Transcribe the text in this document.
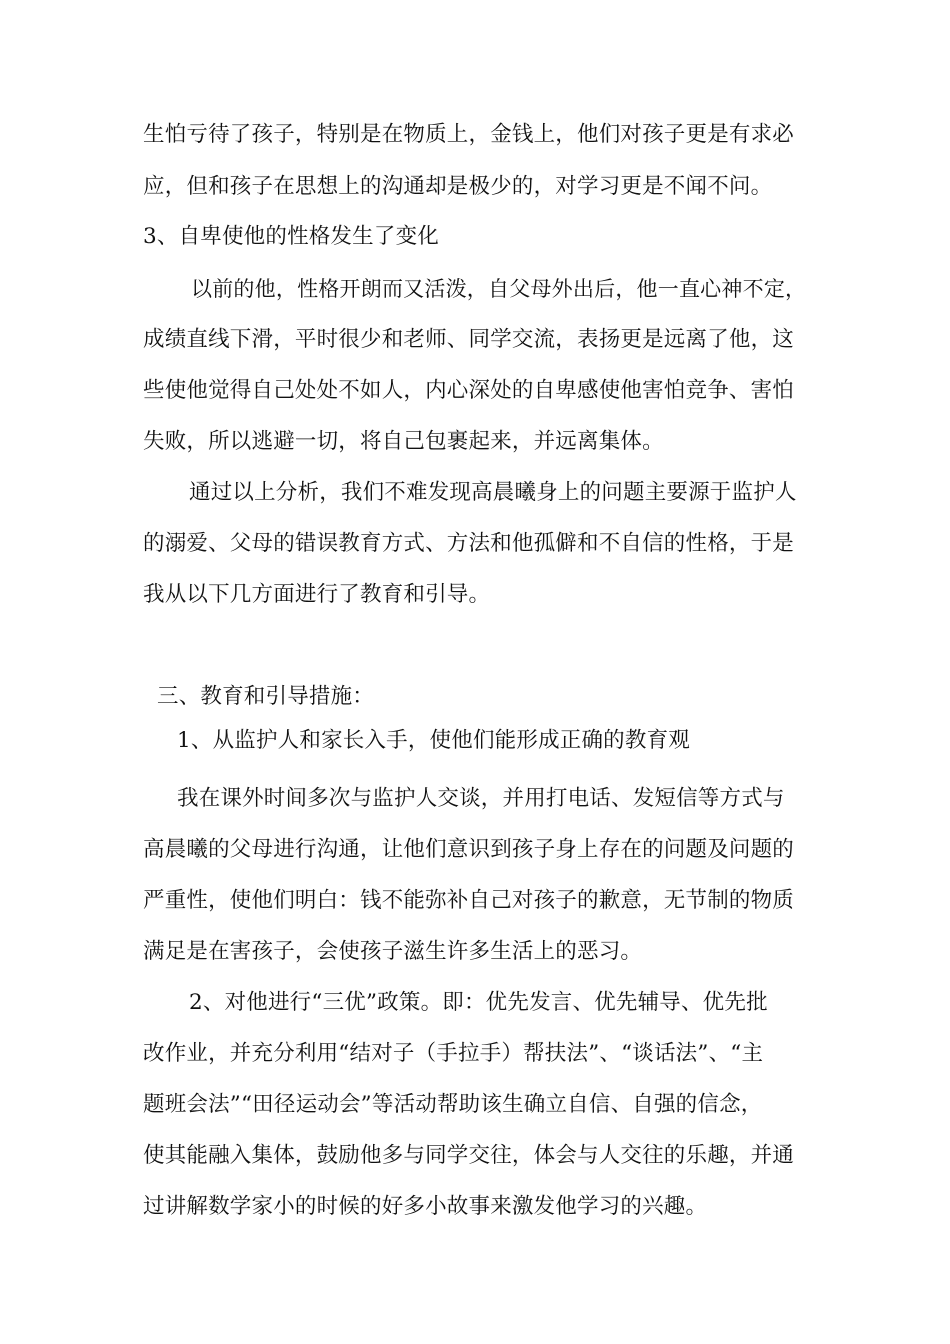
生怕亏待了孩子，特别是在物质上，金钱上，他们对孩子更是有求必
应，但和孩子在思想上的沟通却是极少的，对学习更是不闻不问。
3、自卑使他的性格发生了变化
以前的他，性格开朗而又活泼，自父母外出后，他一直心神不定，
成绩直线下滑，平时很少和老师、同学交流，表扬更是远离了他，这
些使他觉得自己处处不如人，内心深处的自卑感使他害怕竞争、害怕
失败，所以逃避一切，将自己包裹起来，并远离集体。
通过以上分析，我们不难发现高晨曦身上的问题主要源于监护人
的溺爱、父母的错误教育方式、方法和他孤僻和不自信的性格，于是
我从以下几方面进行了教育和引导。
三、教育和引导措施：
1、从监护人和家长入手，使他们能形成正确的教育观
我在课外时间多次与监护人交谈，并用打电话、发短信等方式与
高晨曦的父母进行沟通，让他们意识到孩子身上存在的问题及问题的
严重性，使他们明白：钱不能弥补自己对孩子的歉意，无节制的物质
满足是在害孩子，会使孩子滋生许多生活上的恶习。
2、对他进行“三优”政策。即：优先发言、优先辅导、优先批
改作业，并充分利用“结对子（手拉手）帮扶法”、“谈话法”、“主
题班会法”“田径运动会”等活动帮助该生确立自信、自强的信念，
使其能融入集体，鼓励他多与同学交往，体会与人交往的乐趣，并通
过讲解数学家小的时候的好多小故事来激发他学习的兴趣。
